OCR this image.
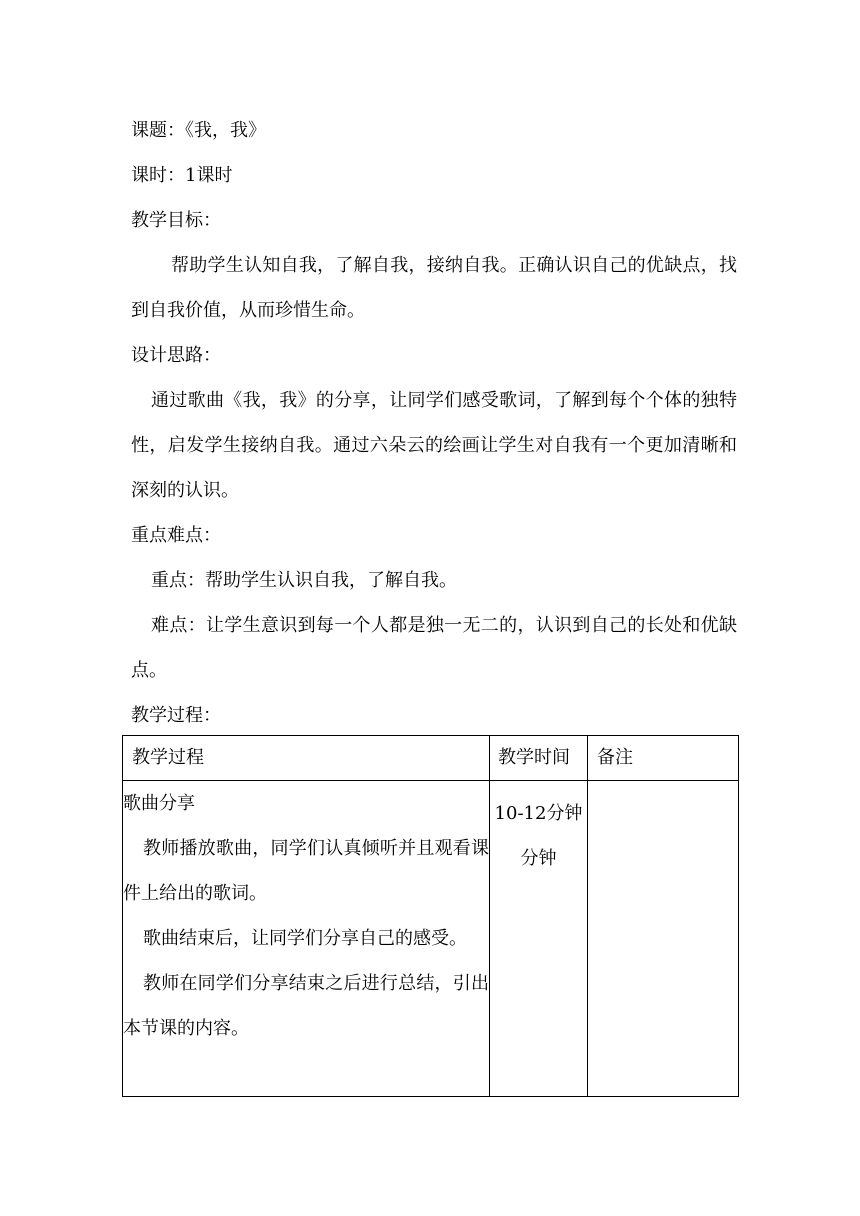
课题：《我，我》

课时：1课时

教学目标：

帮助学生认知自我，了解自我，接纳自我。正确认识自己的优缺点，找到自我价值，从而珍惜生命。

设计思路：

通过歌曲《我，我》的分享，让同学们感受歌词，了解到每个个体的独特性，启发学生接纳自我。通过六朵云的绘画让学生对自我有一个更加清晰和深刻的认识。

重点难点：

重点：帮助学生认识自我，了解自我。

难点：让学生意识到每一个人都是独一无二的，认识到自己的长处和优缺点。

教学过程：

教学过程	教学时间	备注

歌曲分享

教师播放歌曲，同学们认真倾听并且观看课件上给出的歌词。

歌曲结束后，让同学们分享自己的感受。

教师在同学们分享结束之后进行总结，引出本节课的内容。	10-12分钟分钟	
